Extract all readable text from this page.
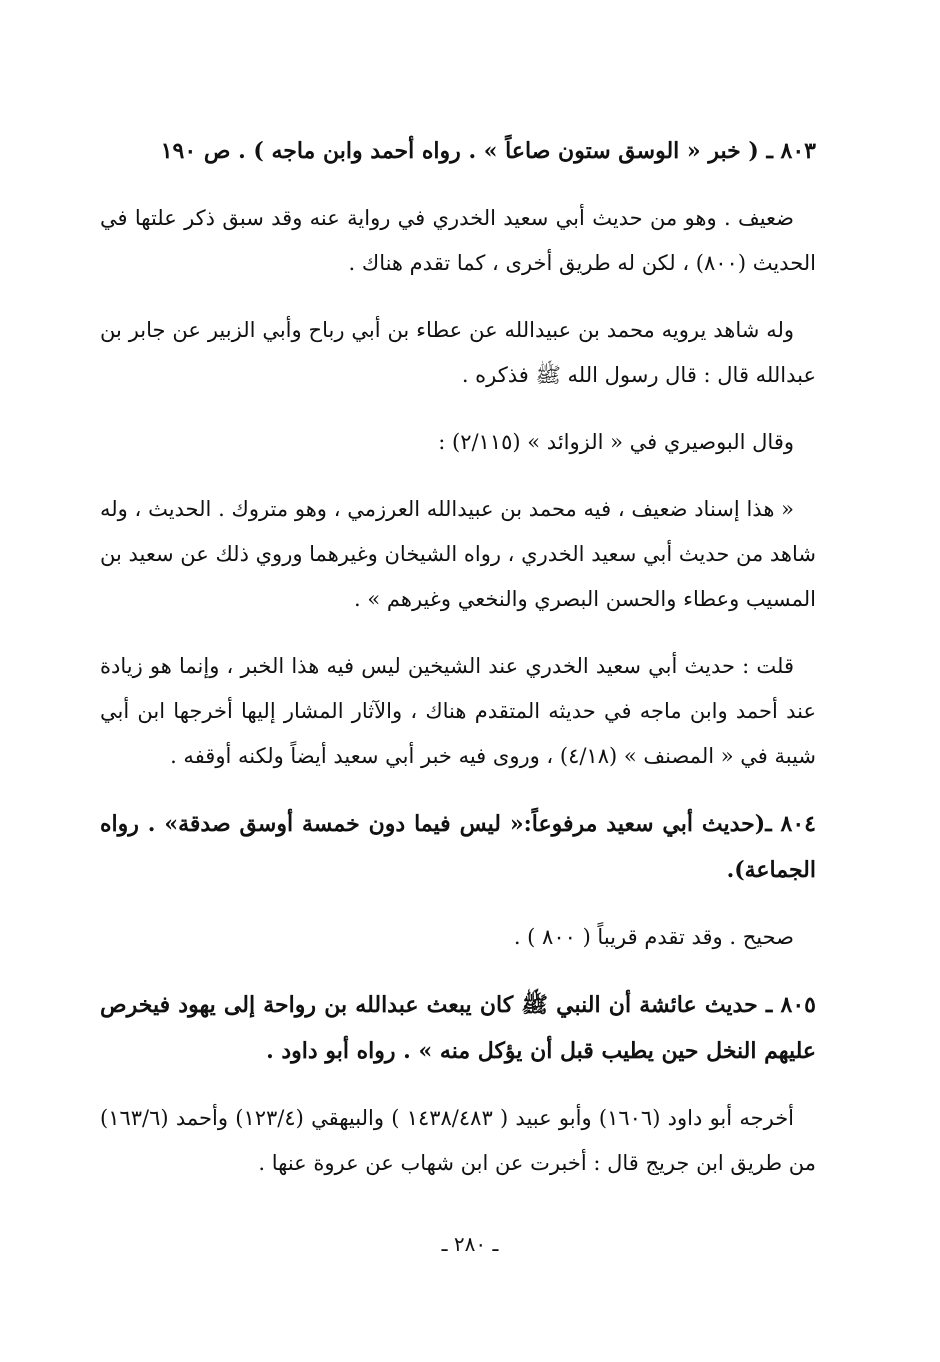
٨٠٣ ـ ( خبر « الوسق ستون صاعاً » . رواه أحمد وابن ماجه ) . ص ١٩٠

ضعيف . وهو من حديث أبي سعيد الخدري في رواية عنه وقد سبق ذكر علتها في الحديث (٨٠٠) ، لكن له طريق أخرى ، كما تقدم هناك .

وله شاهد يرويه محمد بن عبيدالله عن عطاء بن أبي رباح وأبي الزبير عن جابر بن عبدالله قال : قال رسول الله ﷺ فذكره .

وقال البوصيري في « الزوائد » (٢/١١٥) :

« هذا إسناد ضعيف ، فيه محمد بن عبيدالله العرزمي ، وهو متروك . الحديث ، وله شاهد من حديث أبي سعيد الخدري ، رواه الشيخان وغيرهما وروي ذلك عن سعيد بن المسيب وعطاء والحسن البصري والنخعي وغيرهم » .

قلت : حديث أبي سعيد الخدري عند الشيخين ليس فيه هذا الخبر ، وإنما هو زيادة عند أحمد وابن ماجه في حديثه المتقدم هناك ، والآثار المشار إليها أخرجها ابن أبي شيبة في « المصنف » (٤/١٨) ، وروى فيه خبر أبي سعيد أيضاً ولكنه أوقفه .

٨٠٤ ـ(حديث أبي سعيد مرفوعاً:« ليس فيما دون خمسة أوسق صدقة» . رواه الجماعة).

صحيح . وقد تقدم قريباً ( ٨٠٠ ) .

٨٠٥ ـ حديث عائشة أن النبي ﷺ كان يبعث عبدالله بن رواحة إلى يهود فيخرص عليهم النخل حين يطيب قبل أن يؤكل منه » . رواه أبو داود .

أخرجه أبو داود (١٦٠٦) وأبو عبيد ( ١٤٣٨/٤٨٣ ) والبيهقي (١٢٣/٤) وأحمد (١٦٣/٦) من طريق ابن جريج قال : أخبرت عن ابن شهاب عن عروة عنها .

ـ ٢٨٠ ـ
